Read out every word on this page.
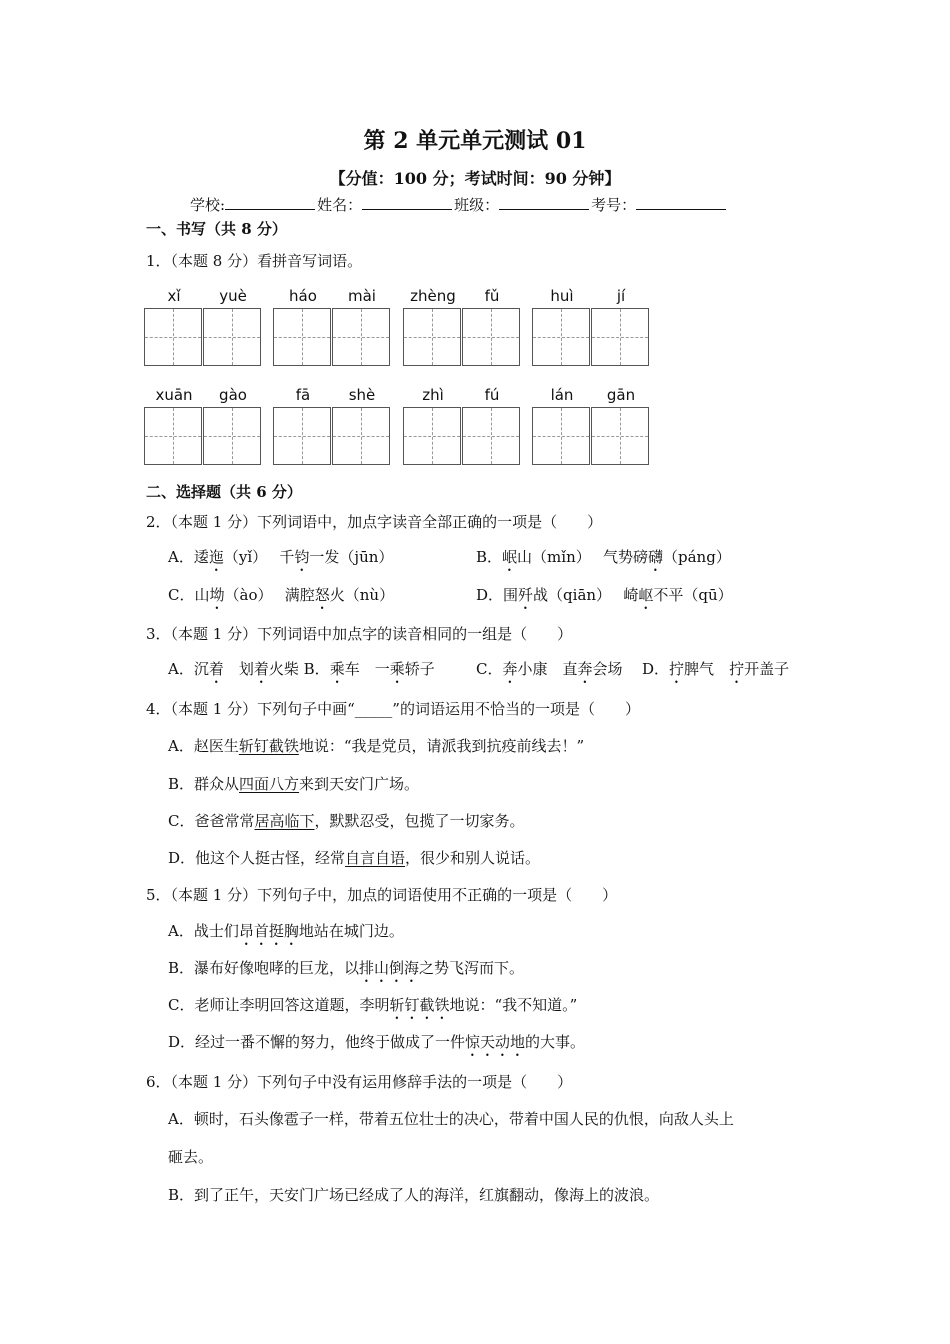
第 2 单元单元测试 01
【分值：100 分；考试时间：90 分钟】
学校:	姓名：	班级：	考号：
一、书写（共 8 分）
1．（本题 8 分）看拼音写词语。
xǐ	yuè	háo	mài	zhèng	fǔ	huì	jí
xuān	gào	fā	shè	zhì	fú	lán	gān
二、选择题（共 6 分）
2．（本题 1 分）下列词语中，加点字读音全部正确的一项是（　　）
A．逶迤（yǐ）　 千钧一发（jūn）	B．岷山（mǐn）　 气势磅礴（páng）
C．山坳（ào）　 满腔怒火（nù）	D．围歼战（qiān）　 崎岖不平（qū）
3．（本题 1 分）下列词语中加点字的读音相同的一组是（　　）
A．沉着　划着火柴 B．乘车　一乘轿子	C．奔小康　直奔会场 D．拧脾气　拧开盖子
4．（本题 1 分）下列句子中画“_____”的词语运用不恰当的一项是（　　）
A．赵医生斩钉截铁地说：“我是党员，请派我到抗疫前线去！”
B．群众从四面八方来到天安门广场。
C．爸爸常常居高临下，默默忍受，包揽了一切家务。
D．他这个人挺古怪，经常自言自语，很少和别人说话。
5．（本题 1 分）下列句子中，加点的词语使用不正确的一项是（　　）
A．战士们昂首挺胸地站在城门边。
B．瀑布好像咆哮的巨龙，以排山倒海之势飞泻而下。
C．老师让李明回答这道题，李明斩钉截铁地说：“我不知道。”
D．经过一番不懈的努力，他终于做成了一件惊天动地的大事。
6．（本题 1 分）下列句子中没有运用修辞手法的一项是（　　）
A．顿时，石头像雹子一样，带着五位壮士的决心，带着中国人民的仇恨，向敌人头上
砸去。
B．到了正午，天安门广场已经成了人的海洋，红旗翻动，像海上的波浪。
